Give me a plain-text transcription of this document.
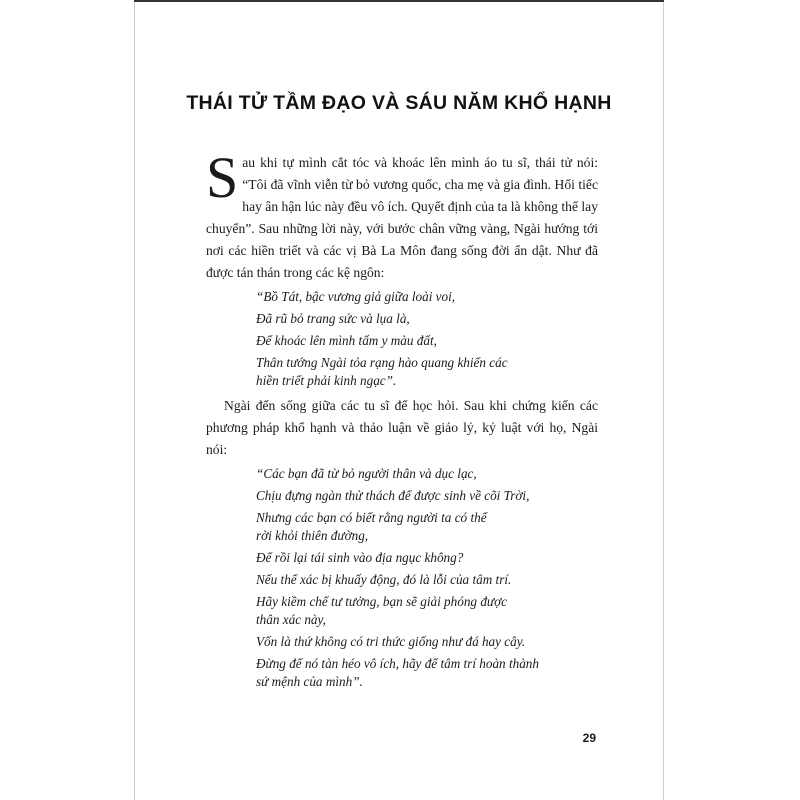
THÁI TỬ TẦM ĐẠO VÀ SÁU NĂM KHỔ HẠNH

Sau khi tự mình cắt tóc và khoác lên mình áo tu sĩ, thái tử nói: “Tôi đã vĩnh viễn từ bỏ vương quốc, cha mẹ và gia đình. Hối tiếc hay ân hận lúc này đều vô ích. Quyết định của ta là không thể lay chuyển”. Sau những lời này, với bước chân vững vàng, Ngài hướng tới nơi các hiền triết và các vị Bà La Môn đang sống đời ẩn dật. Như đã được tán thán trong các kệ ngôn:

“Bồ Tát, bậc vương giả giữa loài voi,
Đã rũ bỏ trang sức và lụa là,
Để khoác lên mình tấm y màu đất,
Thân tướng Ngài tỏa rạng hào quang khiến các
hiền triết phải kinh ngạc”.

Ngài đến sống giữa các tu sĩ để học hỏi. Sau khi chứng kiến các phương pháp khổ hạnh và thảo luận về giáo lý, kỷ luật với họ, Ngài nói:

“Các bạn đã từ bỏ người thân và dục lạc,
Chịu đựng ngàn thử thách để được sinh về cõi Trời,
Nhưng các bạn có biết rằng người ta có thể
rời khỏi thiên đường,
Để rồi lại tái sinh vào địa ngục không?
Nếu thể xác bị khuấy động, đó là lỗi của tâm trí.
Hãy kiềm chế tư tưởng, bạn sẽ giải phóng được
thân xác này,
Vốn là thứ không có tri thức giống như đá hay cây.
Đừng để nó tàn héo vô ích, hãy để tâm trí hoàn thành
sứ mệnh của mình”.
29
